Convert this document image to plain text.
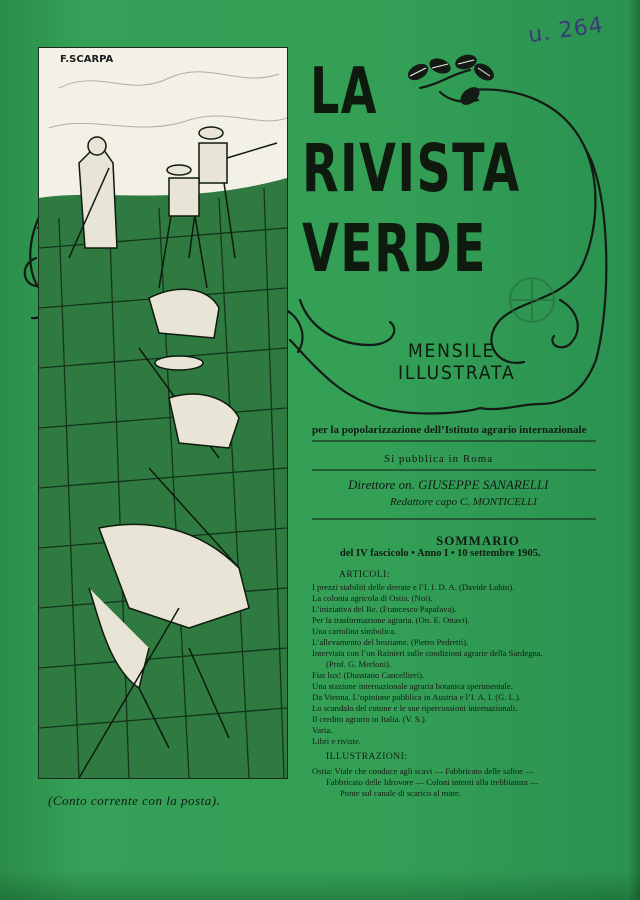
u. 264
F.SCARPA	LA
RIVISTA
VERDE
MENSILE
ILLUSTRATA
per la popolarizzazione dell’Istituto agrario internazionale
Si pubblica in Roma
Direttore on. GIUSEPPE SANARELLI
Redattore capo C. MONTICELLI
SOMMARIO
del IV fascicolo • Anno I • 10 settembre 1905.
ARTICOLI:
I prezzi stabiliti delle derrate e l’I. I. D. A. (Davide Lubin).
La colonia agricola di Ostia. (Noi).
L’iniziativa del Re. (Francesco Papafava).
Per la trasformazione agraria. (On. E. Ottavi).
Una cartolina simbolica.
L’allevamento del bestiame. (Pietro Pedretti).
Intervista con l’on Rainieri sulle condizioni agrarie della Sardegna.
(Prof. G. Merloni).
Fiat lux! (Dunstano Cancellieri).
Una stazione internazionale agraria botanica sperimentale.
Da Vienna. L’opinione pubblica in Austria e l’I. A. I. (G. L.).
Lo scandalo del cotone e le sue ripercussioni internazionali.
Il credito agrario in Italia. (V. S.).
Varia.
Libri e riviste.
ILLUSTRAZIONI:
Ostia: Viale che conduce agli scavi — Fabbricato delle saline —
Fabbricato delle Idrovore — Coloni intenti alla trebbiatura —
Ponte sul canale di scarico al mare.
(Conto corrente con la posta).
